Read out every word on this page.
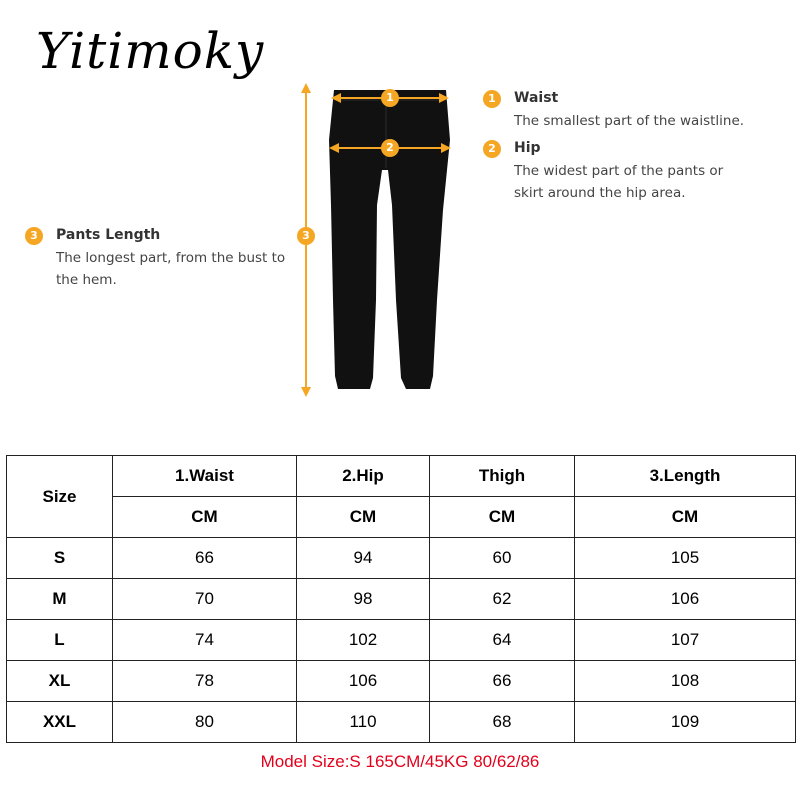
Yitimoky
1
2
3
1	Waist
The smallest part of the waistline.
2	Hip
The widest part of the pants or skirt around the hip area.
3	Pants Length
The longest part, from the bust to the hem.
Size	1.Waist	2.Hip	Thigh	3.Length
	CM	CM	CM	CM
S	66	94	60	105
M	70	98	62	106
L	74	102	64	107
XL	78	106	66	108
XXL	80	110	68	109
Model Size:S 165CM/45KG 80/62/86
